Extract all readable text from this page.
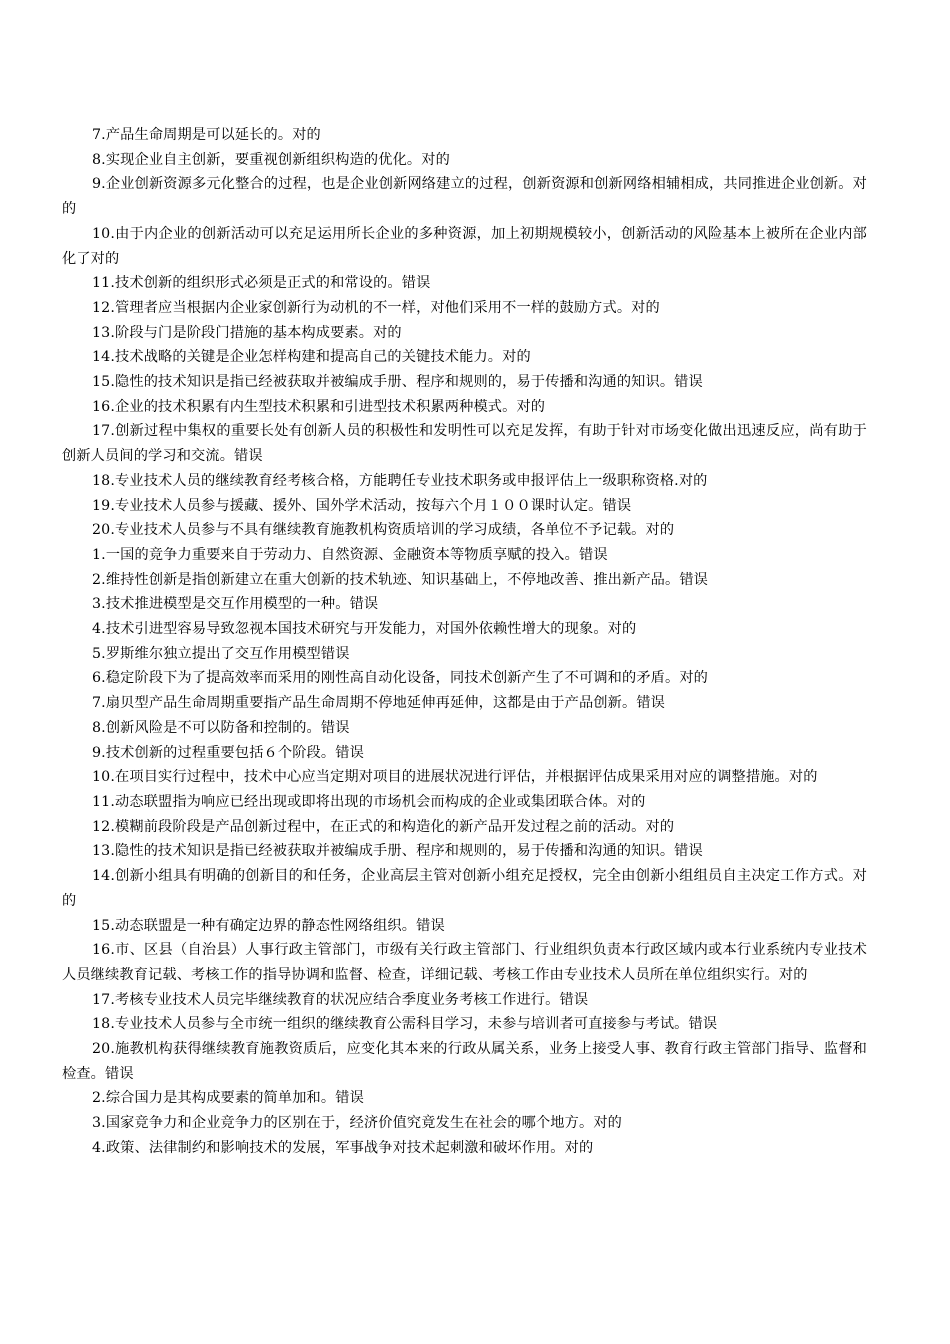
7.产品生命周期是可以延长的。对的

8.实现企业自主创新，要重视创新组织构造的优化。对的

9.企业创新资源多元化整合的过程，也是企业创新网络建立的过程，创新资源和创新网络相辅相成，共同推进企业创新。对的

10.由于内企业的创新活动可以充足运用所长企业的多种资源，加上初期规模较小，创新活动的风险基本上被所在企业内部化了对的

11.技术创新的组织形式必须是正式的和常设的。错误

12.管理者应当根据内企业家创新行为动机的不一样，对他们采用不一样的鼓励方式。对的

13.阶段与门是阶段门措施的基本构成要素。对的

14.技术战略的关键是企业怎样构建和提高自己的关键技术能力。对的

15.隐性的技术知识是指已经被获取并被编成手册、程序和规则的，易于传播和沟通的知识。错误

16.企业的技术积累有内生型技术积累和引进型技术积累两种模式。对的

17.创新过程中集权的重要长处有创新人员的积极性和发明性可以充足发挥，有助于针对市场变化做出迅速反应，尚有助于创新人员间的学习和交流。错误

18.专业技术人员的继续教育经考核合格，方能聘任专业技术职务或申报评估上一级职称资格.对的

19.专业技术人员参与援藏、援外、国外学术活动，按每六个月１００课时认定。错误

20.专业技术人员参与不具有继续教育施教机构资质培训的学习成绩，各单位不予记载。对的

1.一国的竞争力重要来自于劳动力、自然资源、金融资本等物质享赋的投入。错误

2.维持性创新是指创新建立在重大创新的技术轨迹、知识基础上，不停地改善、推出新产品。错误

3.技术推进模型是交互作用模型的一种。错误

4.技术引进型容易导致忽视本国技术研究与开发能力，对国外依赖性增大的现象。对的

5.罗斯维尔独立提出了交互作用模型错误

6.稳定阶段下为了提高效率而采用的刚性高自动化设备，同技术创新产生了不可调和的矛盾。对的

7.扇贝型产品生命周期重要指产品生命周期不停地延伸再延伸，这都是由于产品创新。错误

8.创新风险是不可以防备和控制的。错误

9.技术创新的过程重要包括６个阶段。错误

10.在项目实行过程中，技术中心应当定期对项目的进展状况进行评估，并根据评估成果采用对应的调整措施。对的

11.动态联盟指为响应已经出现或即将出现的市场机会而构成的企业或集团联合体。对的

12.模糊前段阶段是产品创新过程中，在正式的和构造化的新产品开发过程之前的活动。对的

13.隐性的技术知识是指已经被获取并被编成手册、程序和规则的，易于传播和沟通的知识。错误

14.创新小组具有明确的创新目的和任务，企业高层主管对创新小组充足授权，完全由创新小组组员自主决定工作方式。对的

15.动态联盟是一种有确定边界的静态性网络组织。错误

16.市、区县（自治县）人事行政主管部门，市级有关行政主管部门、行业组织负责本行政区域内或本行业系统内专业技术人员继续教育记载、考核工作的指导协调和监督、检查，详细记载、考核工作由专业技术人员所在单位组织实行。对的

17.考核专业技术人员完毕继续教育的状况应结合季度业务考核工作进行。错误

18.专业技术人员参与全市统一组织的继续教育公需科目学习，未参与培训者可直接参与考试。错误

20.施教机构获得继续教育施教资质后，应变化其本来的行政从属关系，业务上接受人事、教育行政主管部门指导、监督和检查。错误

2.综合国力是其构成要素的简单加和。错误

3.国家竞争力和企业竞争力的区别在于，经济价值究竟发生在社会的哪个地方。对的

4.政策、法律制约和影响技术的发展，军事战争对技术起刺激和破坏作用。对的
